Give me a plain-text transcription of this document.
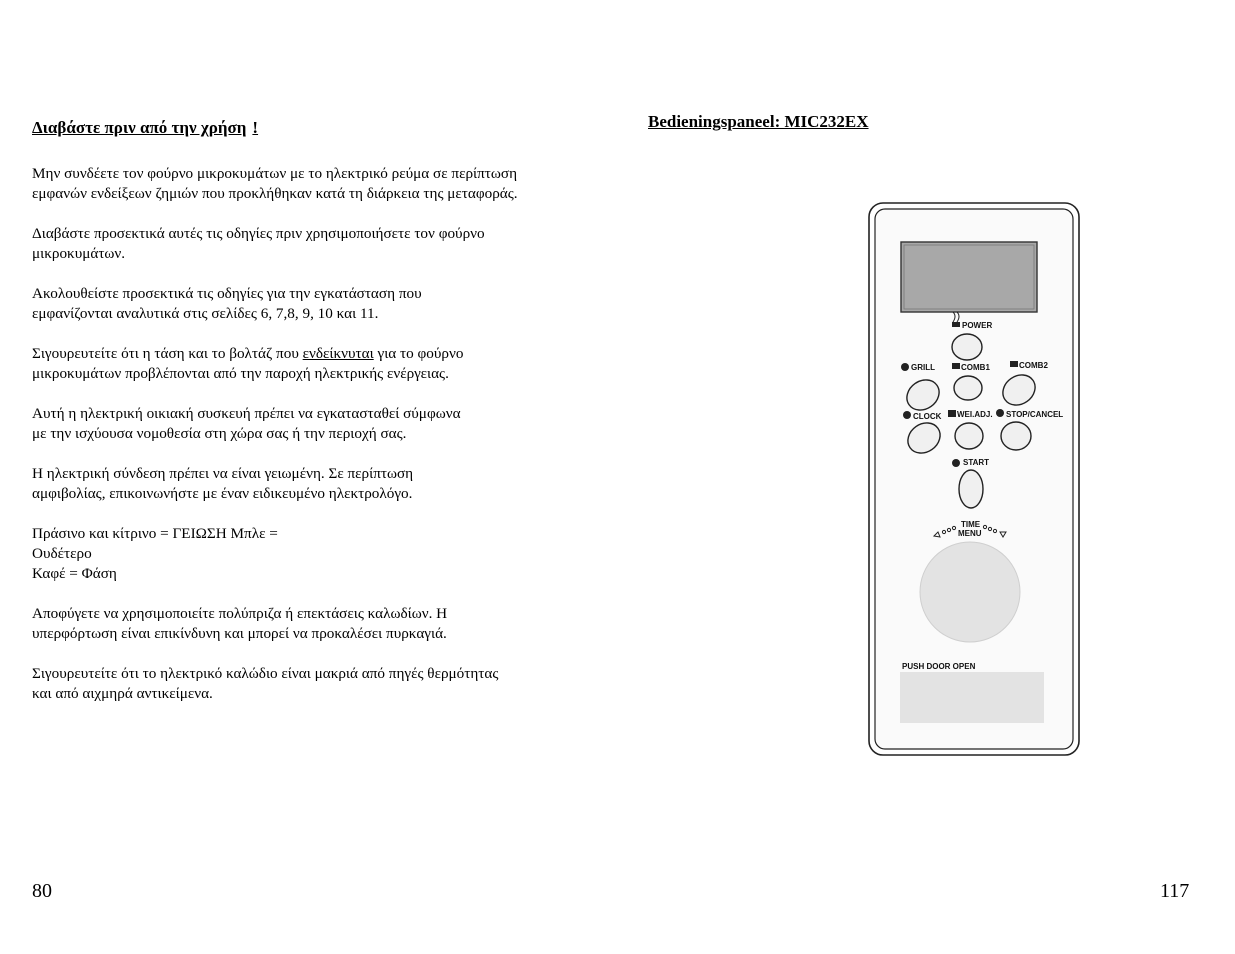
Διαβάστε πριν από την χρήση !

Μην συνδέετε τον φούρνο μικροκυμάτων με το ηλεκτρικό ρεύμα σε περίπτωση
εμφανών ενδείξεων ζημιών που προκλήθηκαν κατά τη διάρκεια της μεταφοράς.

Διαβάστε προσεκτικά αυτές τις οδηγίες πριν χρησιμοποιήσετε τον φούρνο
μικροκυμάτων.

Ακολουθείστε προσεκτικά τις οδηγίες για την εγκατάσταση που
εμφανίζονται αναλυτικά στις σελίδες 6, 7,8, 9, 10 και 11.

Σιγουρευτείτε ότι η τάση και το βολτάζ που ενδείκνυται για το φούρνο
μικροκυμάτων προβλέπονται από την παροχή ηλεκτρικής ενέργειας.

Αυτή η ηλεκτρική οικιακή συσκευή πρέπει να εγκατασταθεί σύμφωνα
με την ισχύουσα νομοθεσία στη χώρα σας ή την περιοχή σας.

Η ηλεκτρική σύνδεση πρέπει να είναι γειωμένη. Σε περίπτωση
αμφιβολίας, επικοινωνήστε με έναν ειδικευμένο ηλεκτρολόγο.

Πράσινο και κίτρινο = ΓΕΙΩΣΗ Μπλε =
Ουδέτερο
Καφέ = Φάση

Αποφύγετε να χρησιμοποιείτε πολύπριζα ή επεκτάσεις καλωδίων. Η
υπερφόρτωση είναι επικίνδυνη και μπορεί να προκαλέσει πυρκαγιά.

Σιγουρευτείτε ότι το ηλεκτρικό καλώδιο είναι μακριά από πηγές θερμότητας
και από αιχμηρά αντικείμενα.

80
Bedieningspaneel: MIC232EX
POWER
GRILL	COMB1	COMB2
CLOCK WEI.ADJ. STOP/CANCEL
START
TIME
MENU
PUSH DOOR OPEN
117
